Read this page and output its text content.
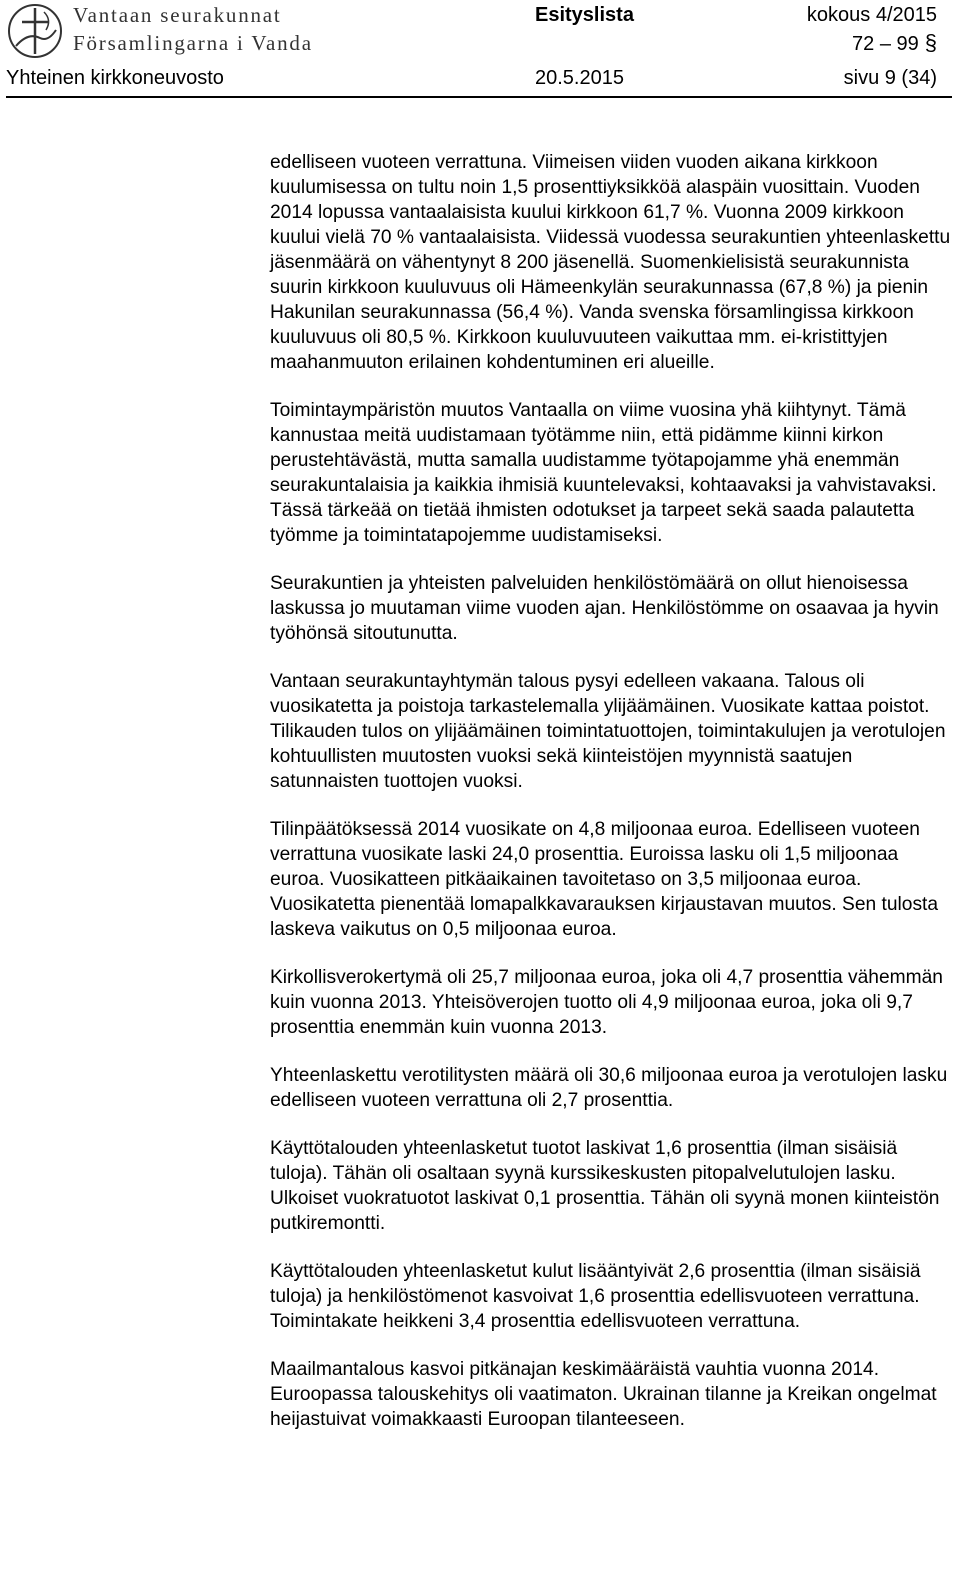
Vantaan seurakunnat
Församlingarna i Vanda
Esityslista	kokous 4/2015
72 – 99 §
Yhteinen kirkkoneuvosto	20.5.2015	sivu 9 (34)

edelliseen vuoteen verrattuna. Viimeisen viiden vuoden aikana kirkkoon kuulumisessa on tultu noin 1,5 prosenttiyksikköä alaspäin vuosittain. Vuoden 2014 lopussa vantaalaisista kuului kirkkoon 61,7 %. Vuonna 2009 kirkkoon kuului vielä 70 % vantaalaisista. Viidessä vuodessa seurakuntien yhteenlaskettu jäsenmäärä on vähentynyt 8 200 jäsenellä. Suomenkielisistä seurakunnista suurin kirkkoon kuuluvuus oli Hämeenkylän seurakunnassa (67,8 %) ja pienin Hakunilan seurakunnassa (56,4 %). Vanda svenska församlingissa kirkkoon kuuluvuus oli 80,5 %. Kirkkoon kuuluvuuteen vaikuttaa mm. ei-kristittyjen maahanmuuton erilainen kohdentuminen eri alueille.

Toimintaympäristön muutos Vantaalla on viime vuosina yhä kiihtynyt. Tämä kannustaa meitä uudistamaan työtämme niin, että pidämme kiinni kirkon perustehtävästä, mutta samalla uudistamme työtapojamme yhä enemmän seurakuntalaisia ja kaikkia ihmisiä kuuntelevaksi, kohtaavaksi ja vahvistavaksi. Tässä tärkeää on tietää ihmisten odotukset ja tarpeet sekä saada palautetta työmme ja toimintatapojemme uudistamiseksi.

Seurakuntien ja yhteisten palveluiden henkilöstömäärä on ollut hienoisessa laskussa jo muutaman viime vuoden ajan. Henkilöstömme on osaavaa ja hyvin työhönsä sitoutunutta.

Vantaan seurakuntayhtymän talous pysyi edelleen vakaana. Talous oli vuosikatetta ja poistoja tarkastelemalla ylijäämäinen. Vuosikate kattaa poistot. Tilikauden tulos on ylijäämäinen toimintatuottojen, toimintakulujen ja verotulojen kohtuullisten muutosten vuoksi sekä kiinteistöjen myynnistä saatujen satunnaisten tuottojen vuoksi.

Tilinpäätöksessä 2014 vuosikate on 4,8 miljoonaa euroa. Edelliseen vuoteen verrattuna vuosikate laski 24,0 prosenttia. Euroissa lasku oli 1,5 miljoonaa euroa. Vuosikatteen pitkäaikainen tavoitetaso on 3,5 miljoonaa euroa. Vuosikatetta pienentää lomapalkkavarauksen kirjaustavan muutos. Sen tulosta laskeva vaikutus on 0,5 miljoonaa euroa.

Kirkollisverokertymä oli 25,7 miljoonaa euroa, joka oli 4,7 prosenttia vähemmän kuin vuonna 2013. Yhteisöverojen tuotto oli 4,9 miljoonaa euroa, joka oli 9,7 prosenttia enemmän kuin vuonna 2013.

Yhteenlaskettu verotilitysten määrä oli 30,6 miljoonaa euroa ja verotulojen lasku edelliseen vuoteen verrattuna oli 2,7 prosenttia.

Käyttötalouden yhteenlasketut tuotot laskivat 1,6 prosenttia (ilman sisäisiä tuloja). Tähän oli osaltaan syynä kurssikeskusten pitopalvelutulojen lasku. Ulkoiset vuokratuotot laskivat 0,1 prosenttia. Tähän oli syynä monen kiinteistön putkiremontti.

Käyttötalouden yhteenlasketut kulut lisääntyivät 2,6 prosenttia (ilman sisäisiä tuloja) ja henkilöstömenot kasvoivat 1,6 prosenttia edellisvuoteen verrattuna. Toimintakate heikkeni 3,4 prosenttia edellisvuoteen verrattuna.

Maailmantalous kasvoi pitkänajan keskimääräistä vauhtia vuonna 2014. Euroopassa talouskehitys oli vaatimaton. Ukrainan tilanne ja Kreikan ongelmat heijastuivat voimakkaasti Euroopan tilanteeseen.
